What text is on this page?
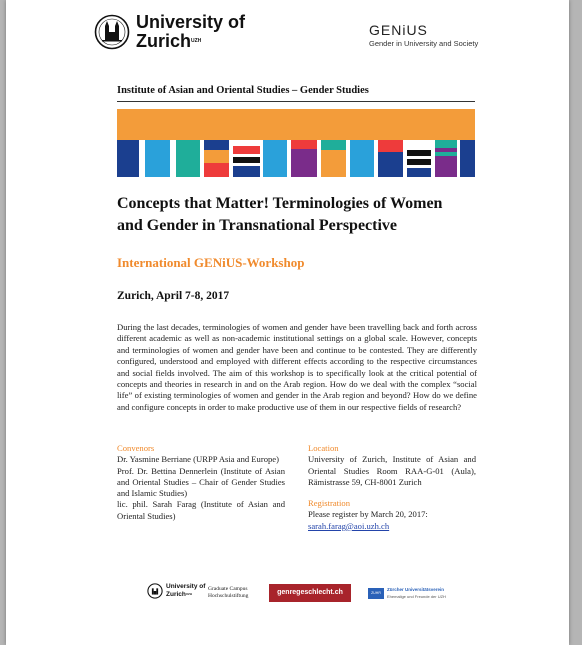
University of
Zurich$^{UZH}$
GENiUS
Gender in University and Society
Institute of Asian and Oriental Studies – Gender Studies
Concepts that Matter! Terminologies of Women
and Gender in Transnational Perspective
International GENiUS-Workshop
Zurich, April 7-8, 2017
During the last decades, terminologies of women and gender have been travelling back and forth across different academic as well as non-academic institutional settings on a global scale. However, concepts and terminologies of women and gender have been and continue to be contested. They are differently configured, understood and employed with different effects according to the respective circumstances and social fields involved. The aim of this workshop is to specifically look at the critical potential of concepts and theories in research in and on the Arab region. How do we deal with the complex “social life” of existing terminologies of women and gender in the Arab region and beyond? How do we define and configure concepts in order to make productive use of them in our respective fields of research?
Convenors
Dr. Yasmine Berriane (URPP Asia and Europe)
Prof. Dr. Bettina Dennerlein (Institute of Asian and Oriental Studies – Chair of Gender Studies and Islamic Studies)
lic. phil. Sarah Farag (Institute of Asian and Oriental Studies)
Location
University of Zurich, Institute of Asian and Oriental Studies Room RAA-G-01 (Aula), Rämistrasse 59, CH-8001 Zurich
Registration
Please register by March 20, 2017:
sarah.farag@aoi.uzh.ch
University of
Zurich$^{UZH}$
Graduate Campus
Hochschulstiftung	genregeschlecht.ch	ZUHR
Zürcher Universitätsverein
Ehemalige und Freunde der UZH
